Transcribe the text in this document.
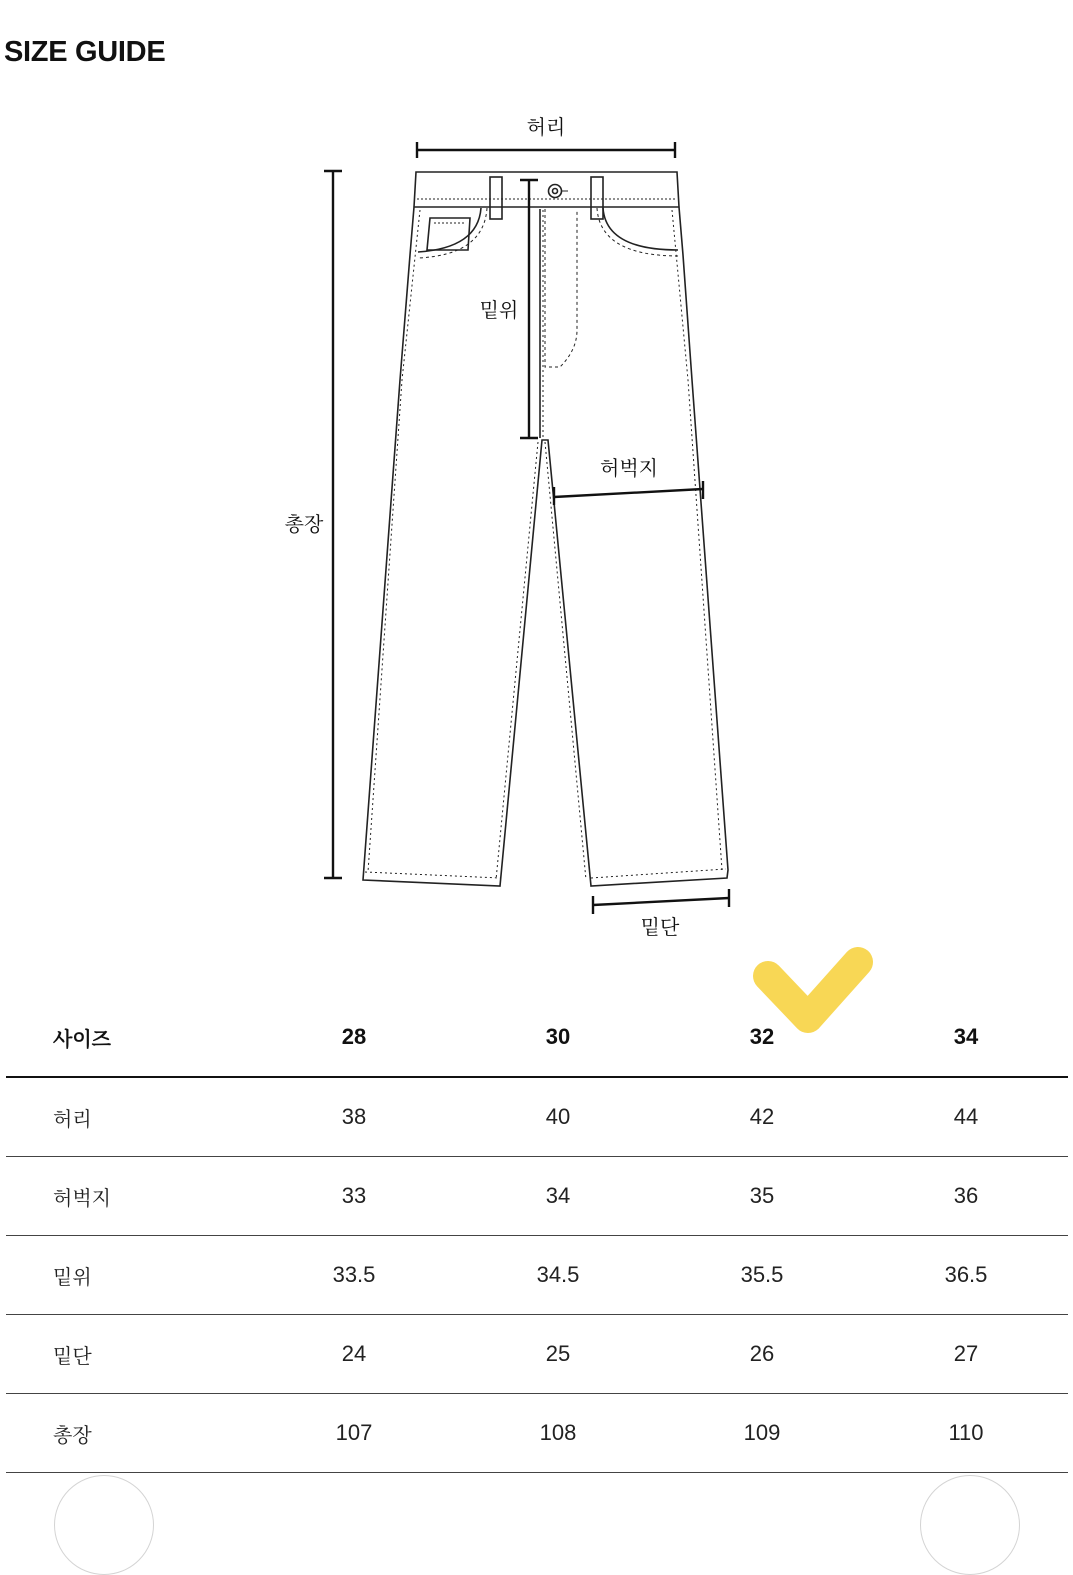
SIZE GUIDE
허리
밑위
허벅지
총장
밑단
사이즈	28	30	32	34
허리	38	40	42	44
허벅지	33	34	35	36
밑위	33.5	34.5	35.5	36.5
밑단	24	25	26	27
총장	107	108	109	110
